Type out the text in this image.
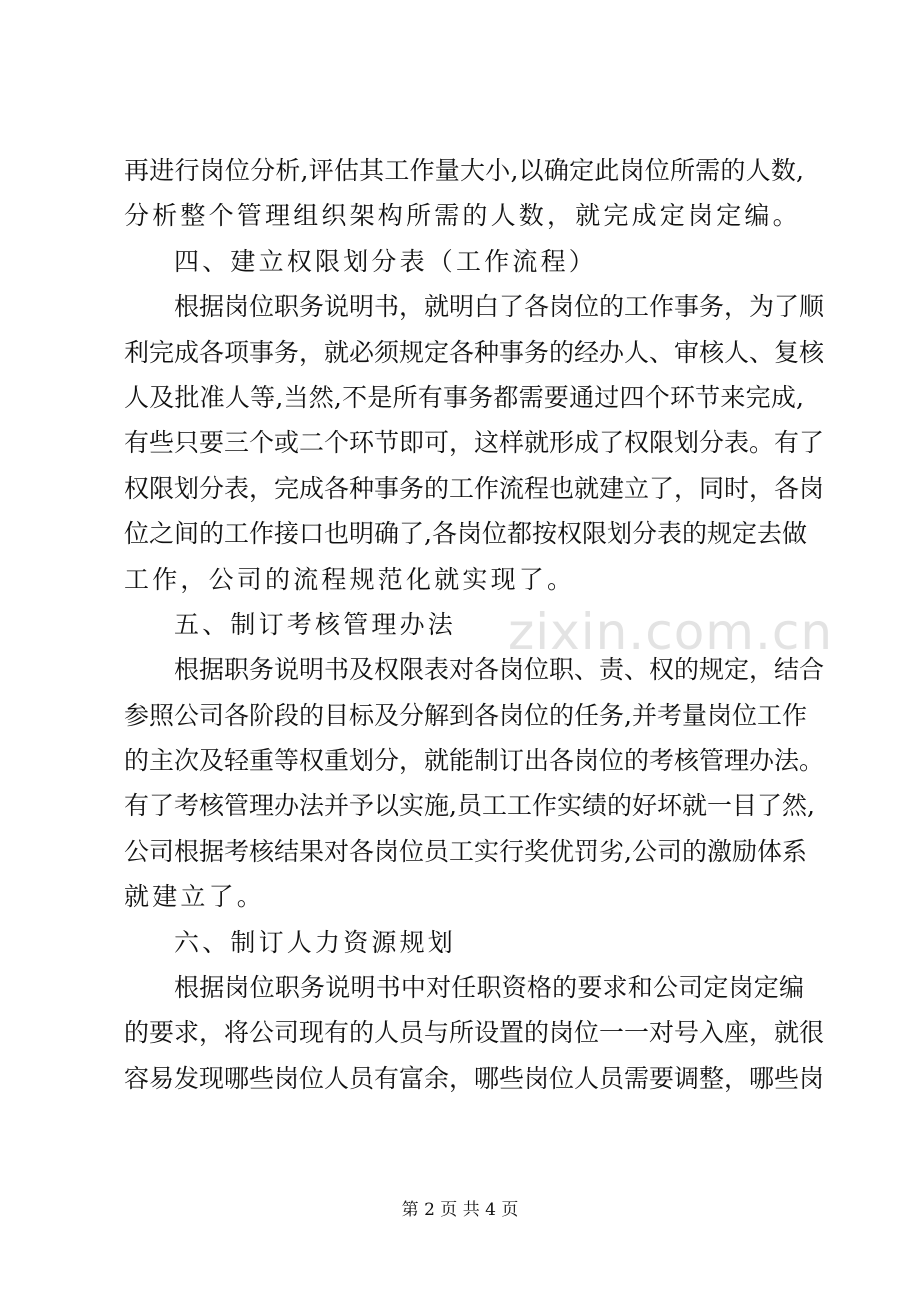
再进行岗位分析,评估其工作量大小,以确定此岗位所需的人数,
分析整个管理组织架构所需的人数，就完成定岗定编。
四、建立权限划分表（工作流程）
根据岗位职务说明书，就明白了各岗位的工作事务，为了顺
利完成各项事务，就必须规定各种事务的经办人、审核人、复核
人及批准人等,当然,不是所有事务都需要通过四个环节来完成,
有些只要三个或二个环节即可，这样就形成了权限划分表。有了
权限划分表，完成各种事务的工作流程也就建立了，同时，各岗
位之间的工作接口也明确了,各岗位都按权限划分表的规定去做
工作，公司的流程规范化就实现了。
五、制订考核管理办法
根据职务说明书及权限表对各岗位职、责、权的规定，结合
参照公司各阶段的目标及分解到各岗位的任务,并考量岗位工作
的主次及轻重等权重划分，就能制订出各岗位的考核管理办法。
有了考核管理办法并予以实施,员工工作实绩的好坏就一目了然,
公司根据考核结果对各岗位员工实行奖优罚劣,公司的激励体系
就建立了。
六、制订人力资源规划
根据岗位职务说明书中对任职资格的要求和公司定岗定编
的要求，将公司现有的人员与所设置的岗位一一对号入座，就很
容易发现哪些岗位人员有富余，哪些岗位人员需要调整，哪些岗
zixin.com.cn
第 2 页 共 4 页
